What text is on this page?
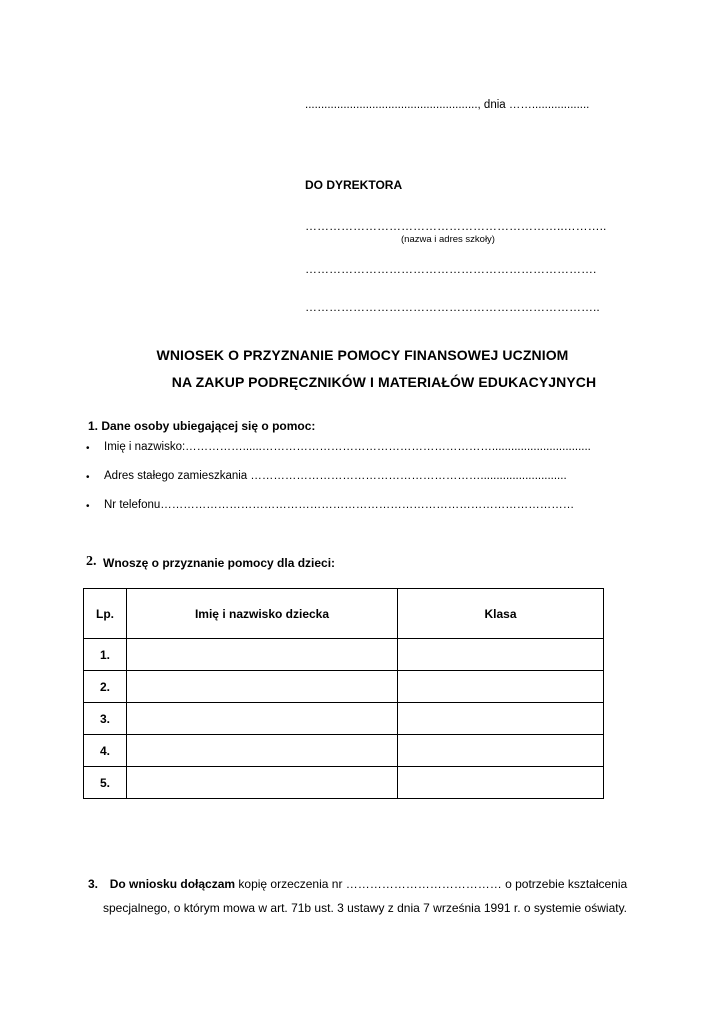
......................................................, dnia ……..................
DO DYREKTORA
………………………………………………………..………..
(nazwa i adres szkoły)
……………………………………………………………….
………………………………………………………………..
WNIOSEK O PRZYZNANIE POMOCY FINANSOWEJ UCZNIOM
NA ZAKUP PODRĘCZNIKÓW I MATERIAŁÓW EDUKACYJNYCH
1. Dane osoby ubiegającej się o pomoc:
• Imię i nazwisko:……………......……………………………………………………...............................
• Adres stałego zamieszkania ……………………………………………………...........................
• Nr telefonu………………………………………………………………………………………………
2. Wnoszę o przyznanie pomocy dla dzieci:
Lp.	Imię i nazwisko dziecka	Klasa
1.		
2.		
3.		
4.		
5.		
3. Do wniosku dołączam kopię orzeczenia nr ………………………………… o potrzebie kształcenia
specjalnego, o którym mowa w art. 71b ust. 3 ustawy z dnia 7 września 1991 r. o systemie oświaty.
